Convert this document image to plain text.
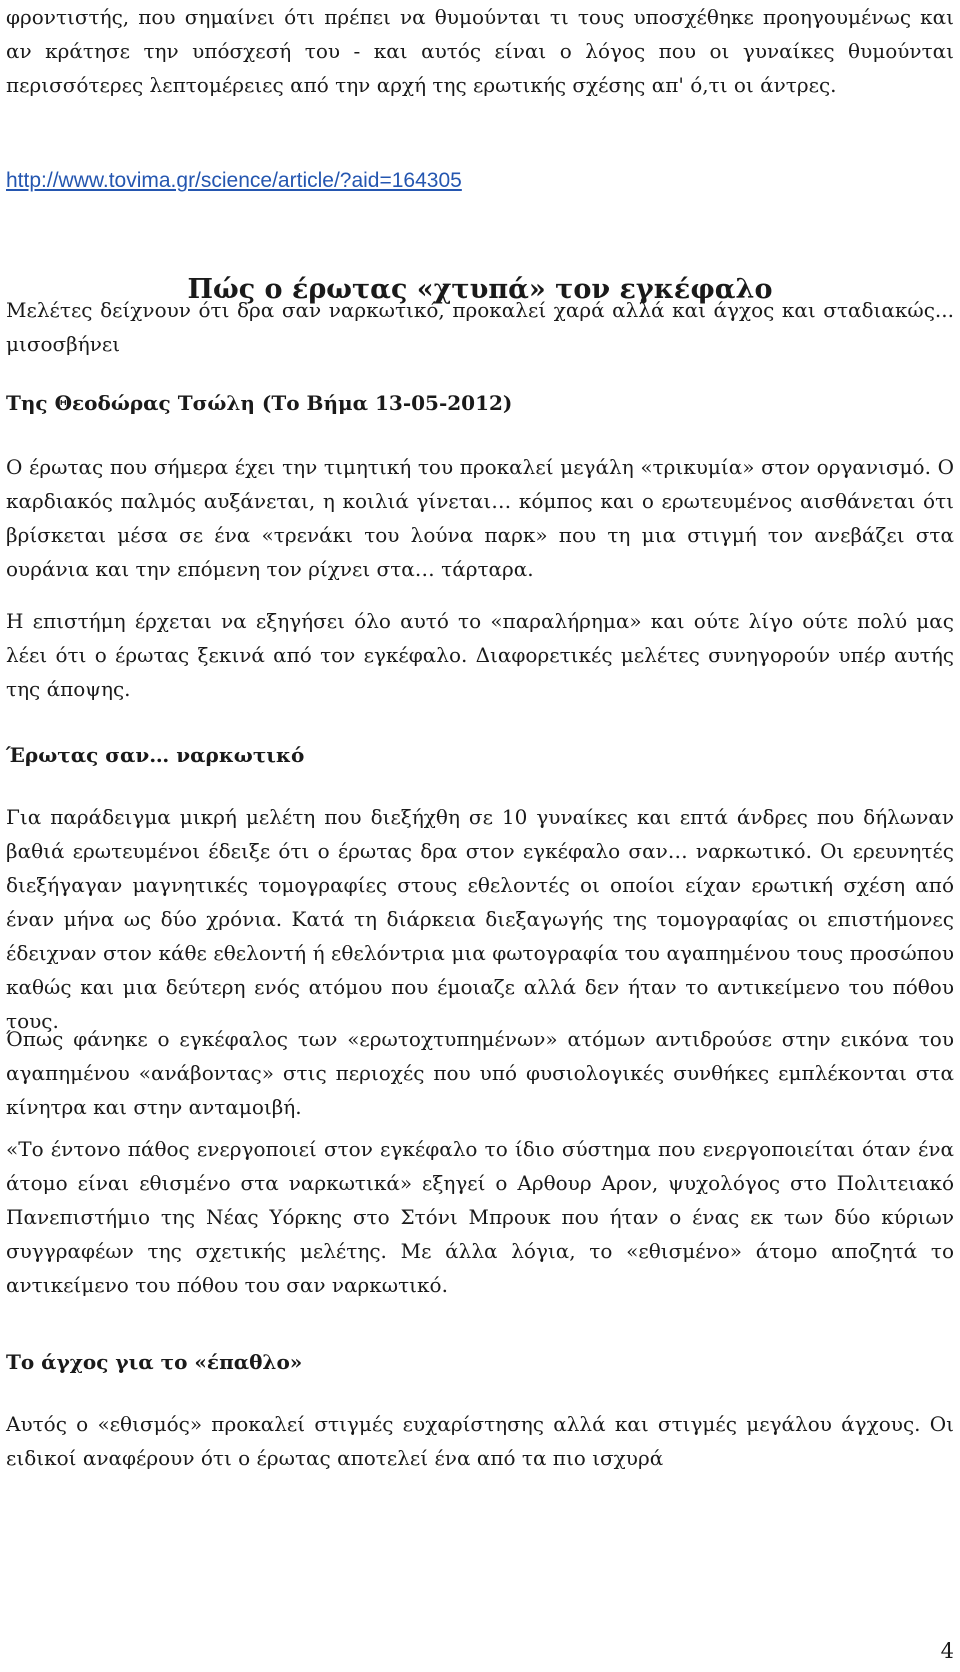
φροντιστής, που σημαίνει ότι πρέπει να θυμούνται τι τους υποσχέθηκε προηγουμένως και αν κράτησε την υπόσχεσή του - και αυτός είναι ο λόγος που οι γυναίκες θυμούνται περισσότερες λεπτομέρειες από την αρχή της ερωτικής σχέσης απ' ό,τι οι άντρες.

http://www.tovima.gr/science/article/?aid=164305
Πώς ο έρωτας «χτυπά» τον εγκέφαλο

Μελέτες δείχνουν ότι δρα σαν ναρκωτικό, προκαλεί χαρά αλλά και άγχος και σταδιακώς... μισοσβήνει

Της Θεοδώρας Τσώλη (Το Βήμα 13-05-2012)

Ο έρωτας που σήμερα έχει την τιμητική του προκαλεί μεγάλη «τρικυμία» στον οργανισμό. Ο καρδιακός παλμός αυξάνεται, η κοιλιά γίνεται… κόμπος και ο ερωτευμένος αισθάνεται ότι βρίσκεται μέσα σε ένα «τρενάκι του λούνα παρκ» που τη μια στιγμή τον ανεβάζει στα ουράνια και την επόμενη τον ρίχνει στα… τάρταρα.

Η επιστήμη έρχεται να εξηγήσει όλο αυτό το «παραλήρημα» και ούτε λίγο ούτε πολύ μας λέει ότι ο έρωτας ξεκινά από τον εγκέφαλο. Διαφορετικές μελέτες συνηγορούν υπέρ αυτής της άποψης.

Έρωτας σαν… ναρκωτικό

Για παράδειγμα μικρή μελέτη που διεξήχθη σε 10 γυναίκες και επτά άνδρες που δήλωναν βαθιά ερωτευμένοι έδειξε ότι ο έρωτας δρα στον εγκέφαλο σαν… ναρκωτικό. Οι ερευνητές διεξήγαγαν μαγνητικές τομογραφίες στους εθελοντές οι οποίοι είχαν ερωτική σχέση από έναν μήνα ως δύο χρόνια. Κατά τη διάρκεια διεξαγωγής της τομογραφίας οι επιστήμονες έδειχναν στον κάθε εθελοντή ή εθελόντρια μια φωτογραφία του αγαπημένου τους προσώπου καθώς και μια δεύτερη ενός ατόμου που έμοιαζε αλλά δεν ήταν το αντικείμενο του πόθου τους.

Όπως φάνηκε ο εγκέφαλος των «ερωτοχτυπημένων» ατόμων αντιδρούσε στην εικόνα του αγαπημένου «ανάβοντας» στις περιοχές που υπό φυσιολογικές συνθήκες εμπλέκονται στα κίνητρα και στην ανταμοιβή.

«Το έντονο πάθος ενεργοποιεί στον εγκέφαλο το ίδιο σύστημα που ενεργοποιείται όταν ένα άτομο είναι εθισμένο στα ναρκωτικά» εξηγεί ο Αρθουρ Αρον, ψυχολόγος στο Πολιτειακό Πανεπιστήμιο της Νέας Υόρκης στο Στόνι Μπρουκ που ήταν ο ένας εκ των δύο κύριων συγγραφέων της σχετικής μελέτης. Με άλλα λόγια, το «εθισμένο» άτομο αποζητά το αντικείμενο του πόθου του σαν ναρκωτικό.

Το άγχος για το «έπαθλο»

Αυτός ο «εθισμός» προκαλεί στιγμές ευχαρίστησης αλλά και στιγμές μεγάλου άγχους. Οι ειδικοί αναφέρουν ότι ο έρωτας αποτελεί ένα από τα πιο ισχυρά

4
